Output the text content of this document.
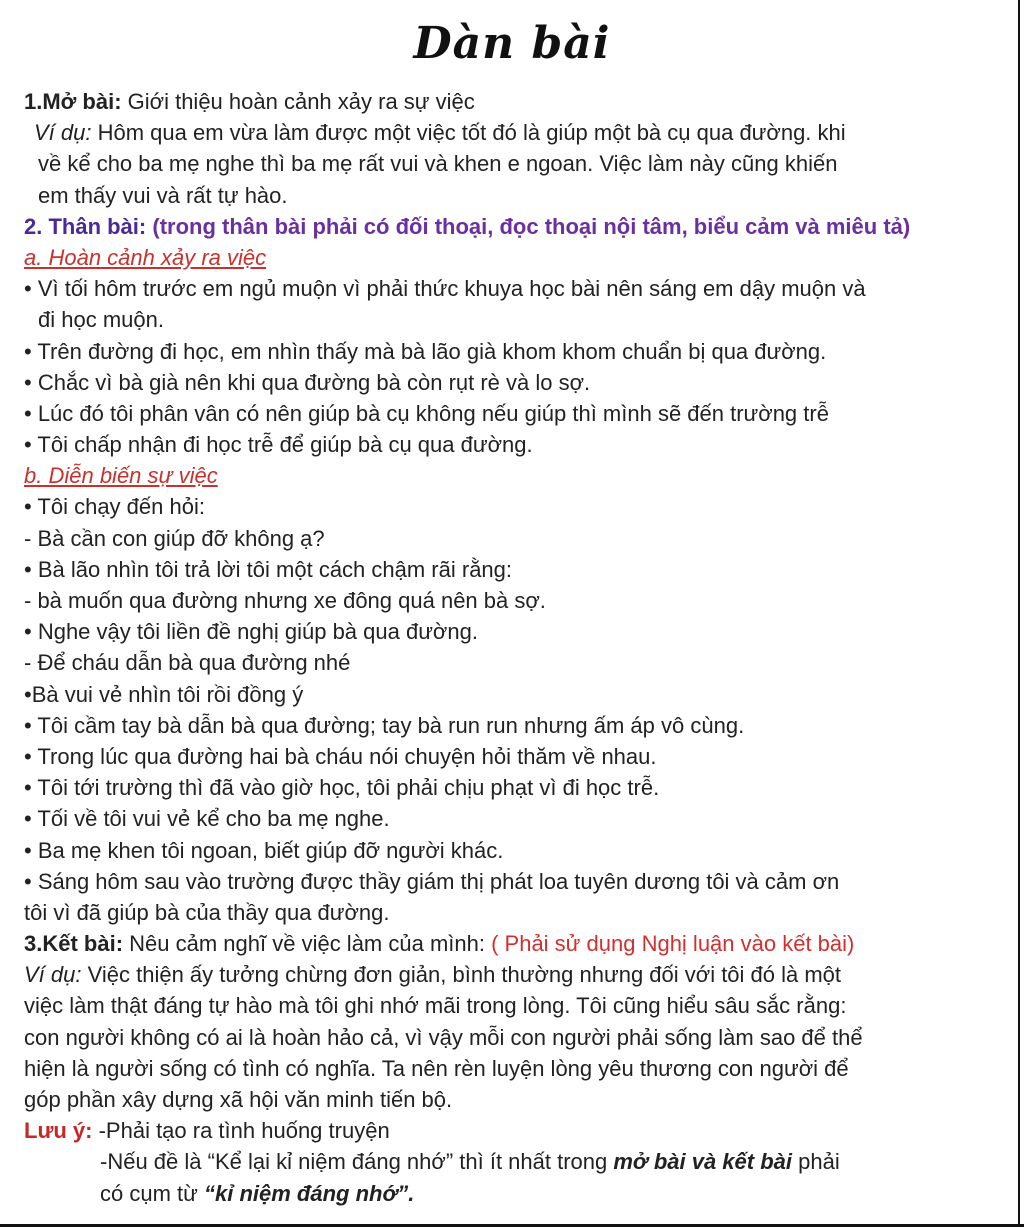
Dàn bài
1.Mở bài: Giới thiệu hoàn cảnh xảy ra sự việc
Ví dụ: Hôm qua em vừa làm được một việc tốt đó là giúp một bà cụ qua đường. khi
về kể cho ba mẹ nghe thì ba mẹ rất vui và khen e ngoan. Việc làm này cũng khiến
em thấy vui và rất tự hào.
2. Thân bài: (trong thân bài phải có đối thoại, đọc thoại nội tâm, biểu cảm và miêu tả)
a. Hoàn cảnh xảy ra việc
• Vì tối hôm trước em ngủ muộn vì phải thức khuya học bài nên sáng em dậy muộn và
đi học muộn.
• Trên đường đi học, em nhìn thấy mà bà lão già khom khom chuẩn bị qua đường.
• Chắc vì bà già nên khi qua đường bà còn rụt rè và lo sợ.
• Lúc đó tôi phân vân có nên giúp bà cụ không nếu giúp thì mình sẽ đến trường trễ
• Tôi chấp nhận đi học trễ để giúp bà cụ qua đường.
b. Diễn biến sự việc
• Tôi chạy đến hỏi:
- Bà cần con giúp đỡ không ạ?
• Bà lão nhìn tôi trả lời tôi một cách chậm rãi rằng:
- bà muốn qua đường nhưng xe đông quá nên bà sợ.
• Nghe vậy tôi liền đề nghị giúp bà qua đường.
- Để cháu dẫn bà qua đường nhé
•Bà vui vẻ nhìn tôi rồi đồng ý
• Tôi cầm tay bà dẫn bà qua đường; tay bà run run nhưng ấm áp vô cùng.
• Trong lúc qua đường hai bà cháu nói chuyện hỏi thăm về nhau.
• Tôi tới trường thì đã vào giờ học, tôi phải chịu phạt vì đi học trễ.
• Tối về tôi vui vẻ kể cho ba mẹ nghe.
• Ba mẹ khen tôi ngoan, biết giúp đỡ người khác.
• Sáng hôm sau vào trường được thầy giám thị phát loa tuyên dương tôi và cảm ơn
tôi vì đã giúp bà của thầy qua đường.
3.Kết bài: Nêu cảm nghĩ về việc làm của mình: ( Phải sử dụng Nghị luận vào kết bài)
Ví dụ: Việc thiện ấy tưởng chừng đơn giản, bình thường nhưng đối với tôi đó là một
việc làm thật đáng tự hào mà tôi ghi nhớ mãi trong lòng. Tôi cũng hiểu sâu sắc rằng:
con người không có ai là hoàn hảo cả, vì vậy mỗi con người phải sống làm sao để thể
hiện là người sống có tình có nghĩa. Ta nên rèn luyện lòng yêu thương con người để
góp phần xây dựng xã hội văn minh tiến bộ.
Lưu ý: -Phải tạo ra tình huống truyện
-Nếu đề là “Kể lại kỉ niệm đáng nhớ” thì ít nhất trong mở bài và kết bài phải
có cụm từ “kỉ niệm đáng nhớ”.
